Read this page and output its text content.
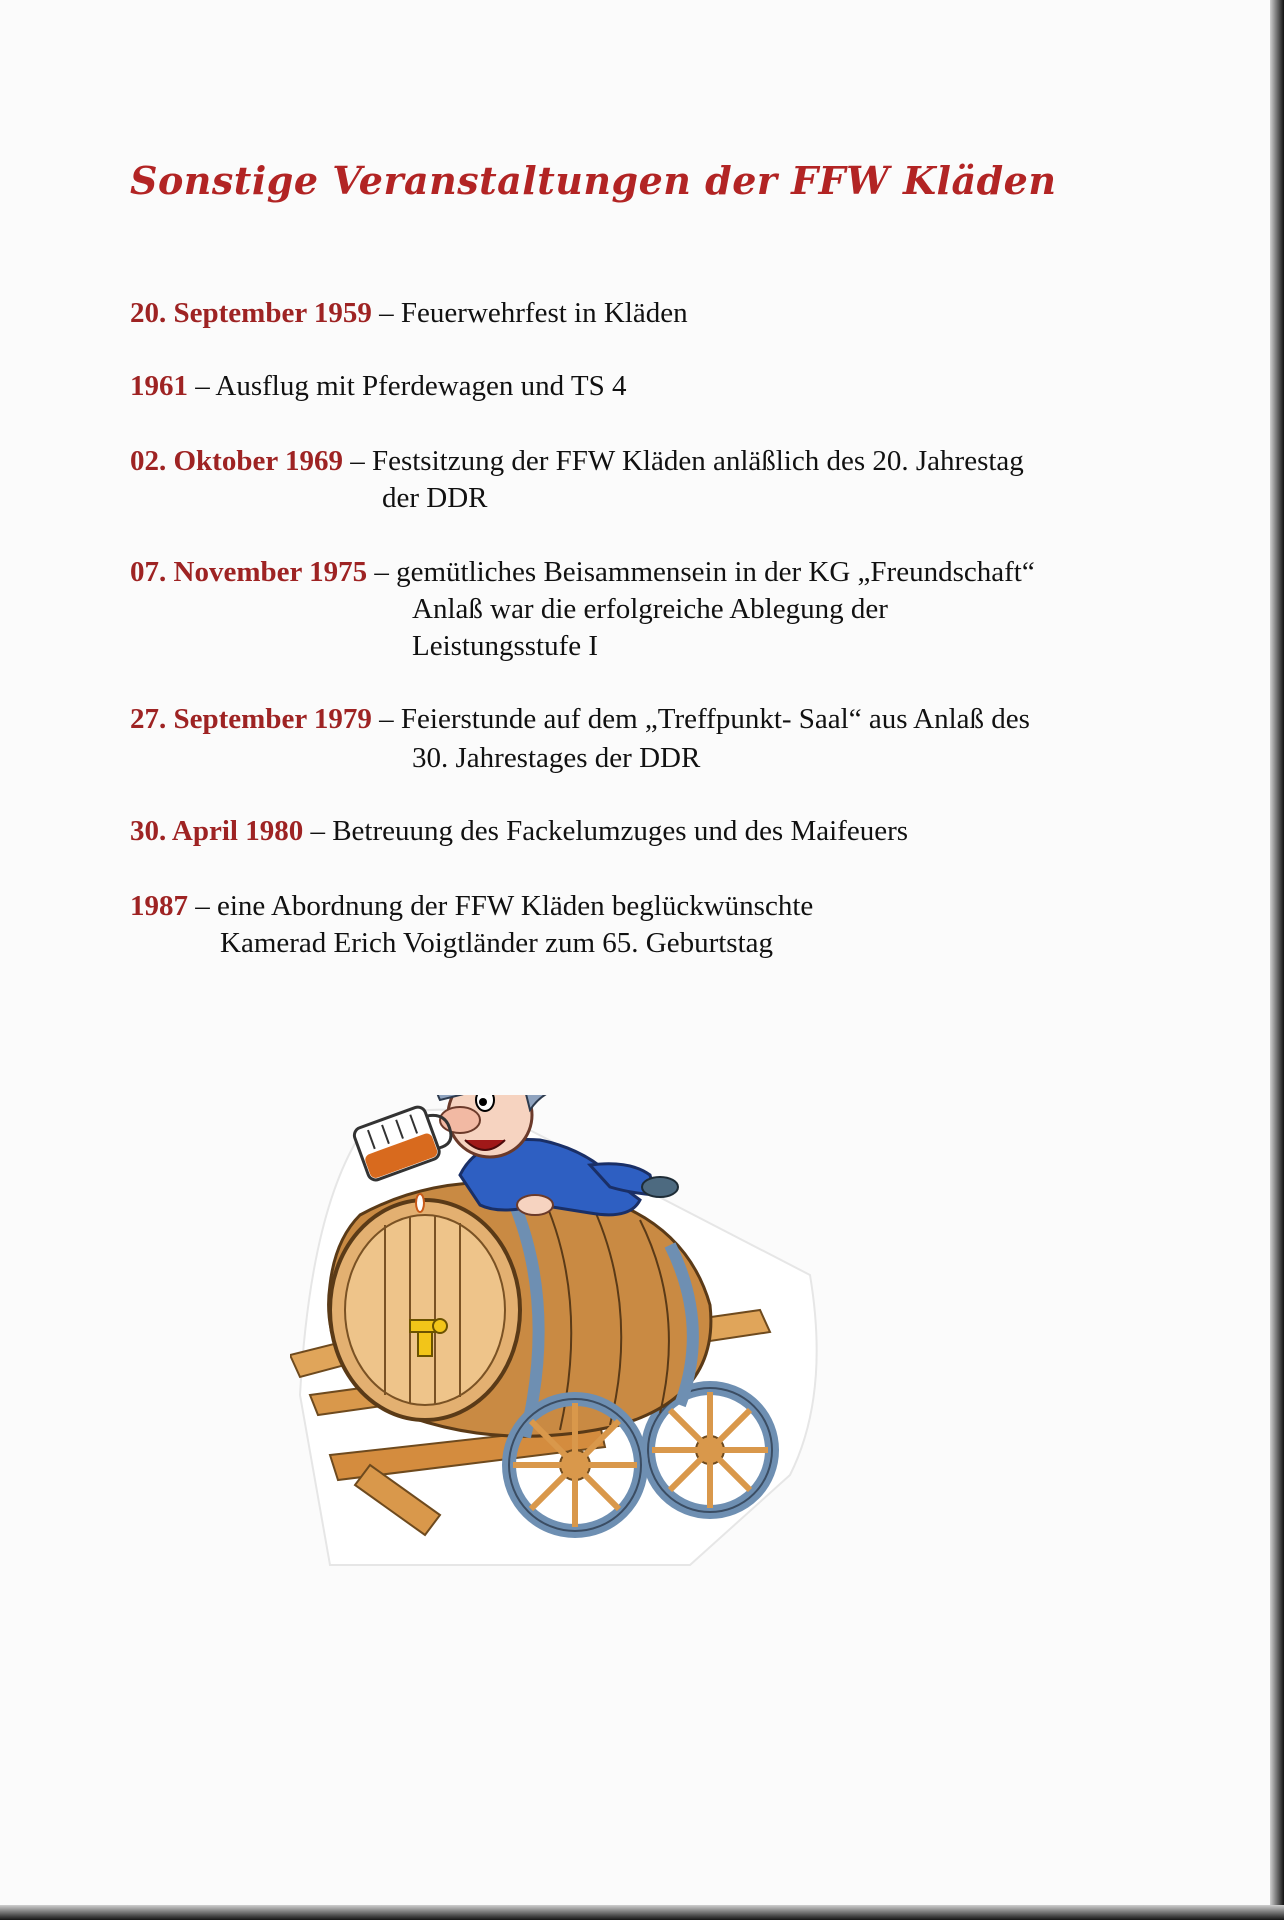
Sonstige Veranstaltungen der FFW Kläden
20. September 1959 – Feuerwehrfest in Kläden
1961 – Ausflug mit Pferdewagen und TS 4
02. Oktober 1969 – Festsitzung der FFW Kläden anläßlich des 20. Jahrestag
der DDR
07. November 1975 – gemütliches Beisammensein in der KG „Freundschaft“
Anlaß war die erfolgreiche Ablegung der
Leistungsstufe I
27. September 1979 – Feierstunde auf dem „Treffpunkt- Saal“ aus Anlaß des
30. Jahrestages der DDR
30. April 1980 – Betreuung des Fackelumzuges und des Maifeuers
1987 – eine Abordnung der FFW Kläden beglückwünschte
Kamerad Erich Voigtländer zum 65. Geburtstag
